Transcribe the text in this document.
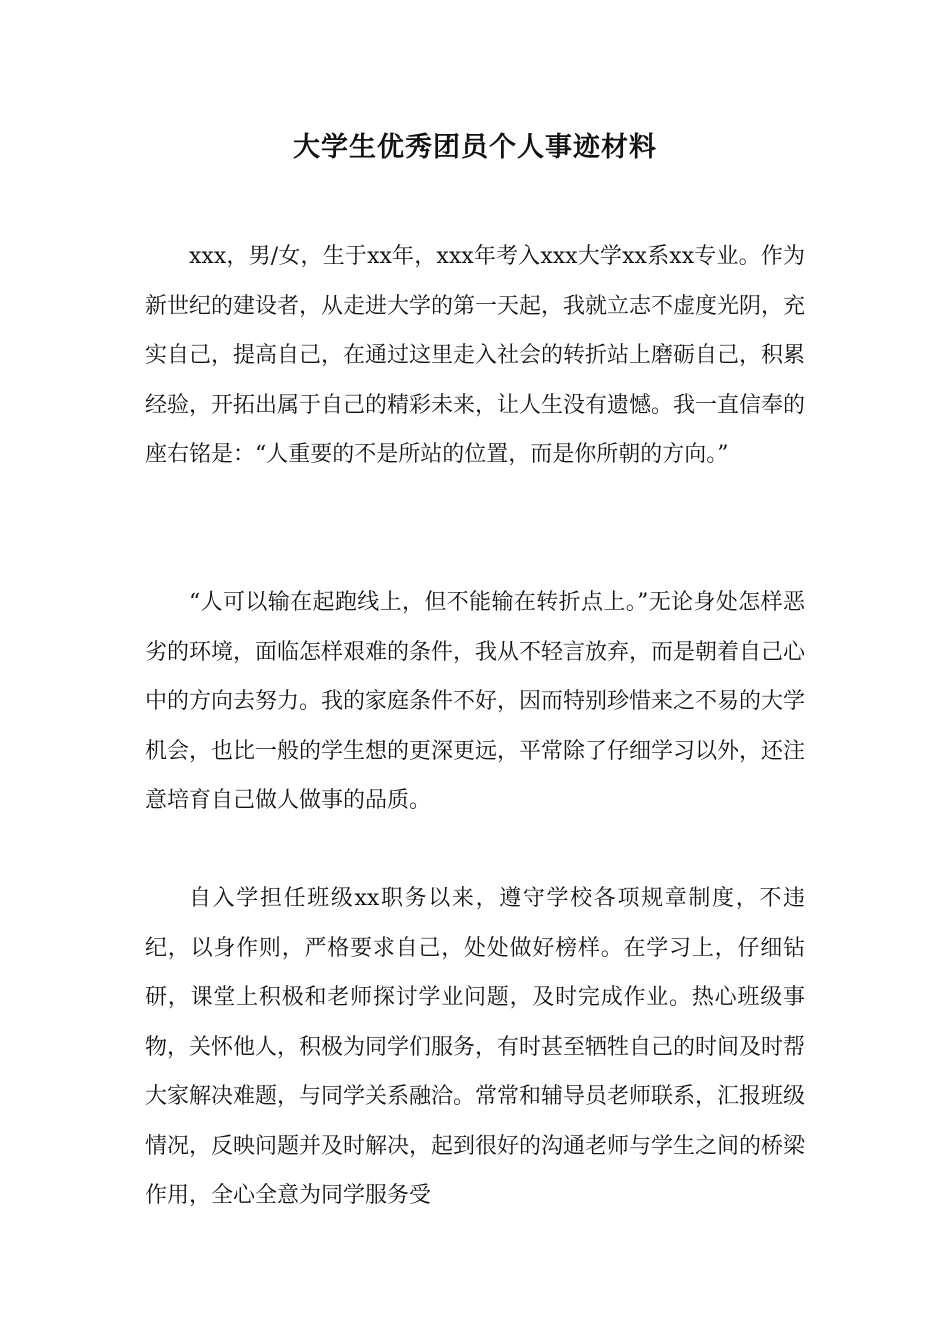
大学生优秀团员个人事迹材料

xxx，男/女，生于xx年，xxx年考入xxx大学xx系xx专业。作为新世纪的建设者，从走进大学的第一天起，我就立志不虚度光阴，充实自己，提高自己，在通过这里走入社会的转折站上磨砺自己，积累经验，开拓出属于自己的精彩未来，让人生没有遗憾。我一直信奉的座右铭是：“人重要的不是所站的位置，而是你所朝的方向。”

“人可以输在起跑线上，但不能输在转折点上。”无论身处怎样恶劣的环境，面临怎样艰难的条件，我从不轻言放弃，而是朝着自己心中的方向去努力。我的家庭条件不好，因而特别珍惜来之不易的大学机会，也比一般的学生想的更深更远，平常除了仔细学习以外，还注意培育自己做人做事的品质。

自入学担任班级xx职务以来，遵守学校各项规章制度，不违纪，以身作则，严格要求自己，处处做好榜样。在学习上，仔细钻研，课堂上积极和老师探讨学业问题，及时完成作业。热心班级事物，关怀他人，积极为同学们服务，有时甚至牺牲自己的时间及时帮大家解决难题，与同学关系融洽。常常和辅导员老师联系，汇报班级情况，反映问题并及时解决，起到很好的沟通老师与学生之间的桥梁作用，全心全意为同学服务受
